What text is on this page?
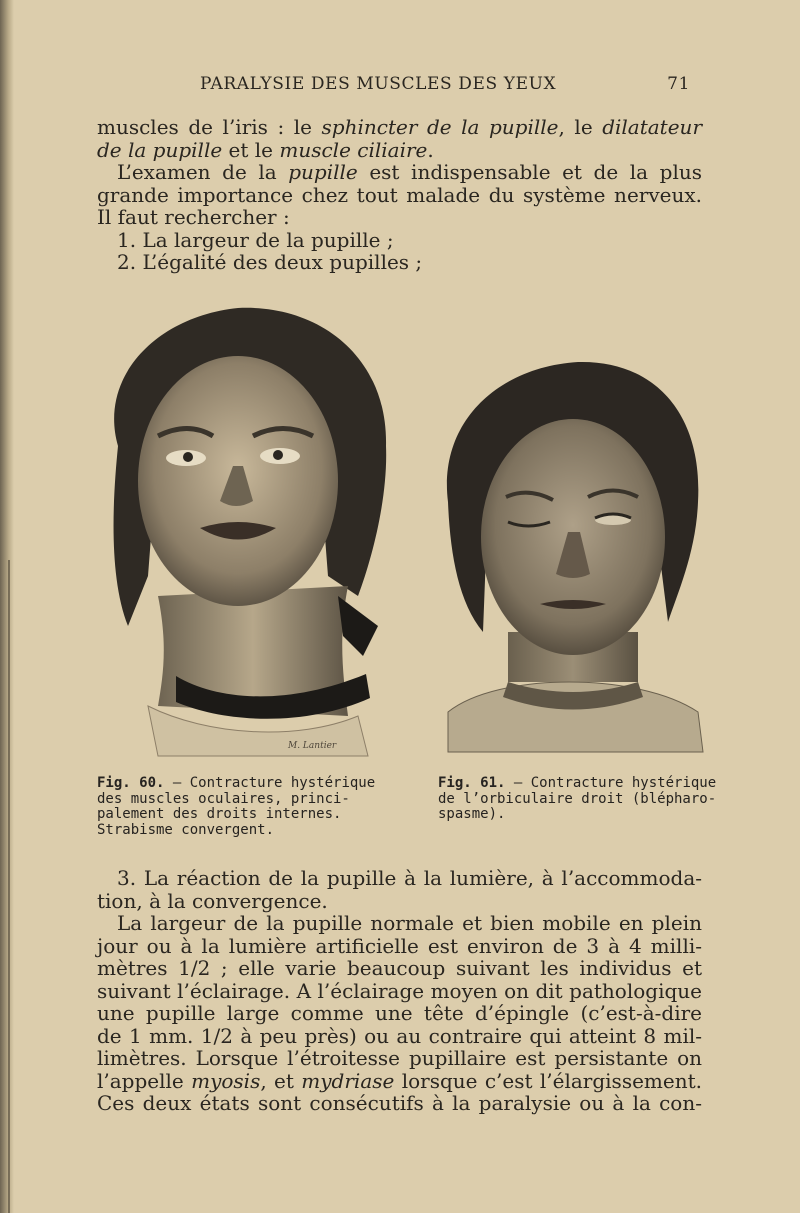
PARALYSIE DES MUSCLES DES YEUX	71
muscles de l’iris : le sphincter de la pupille, le dilatateur
de la pupille et le muscle ciliaire.
L’examen de la pupille est indispensable et de la plus
grande importance chez tout malade du système nerveux.
Il faut rechercher :
1. La largeur de la pupille ;
2. L’égalité des deux pupilles ;
M. Lantier
Fig. 60. — Contracture hystérique
des muscles oculaires, princi-
palement des droits internes.
Strabisme convergent.
Fig. 61. — Contracture hystérique
de l’orbiculaire droit (blépharo-
spasme).
3. La réaction de la pupille à la lumière, à l’accommoda-
tion, à la convergence.
La largeur de la pupille normale et bien mobile en plein
jour ou à la lumière artificielle est environ de 3 à 4 milli-
mètres 1/2 ; elle varie beaucoup suivant les individus et
suivant l’éclairage. A l’éclairage moyen on dit pathologique
une pupille large comme une tête d’épingle (c’est-à-dire
de 1 mm. 1/2 à peu près) ou au contraire qui atteint 8 mil-
limètres. Lorsque l’étroitesse pupillaire est persistante on
l’appelle myosis, et mydriase lorsque c’est l’élargissement.
Ces deux états sont consécutifs à la paralysie ou à la con-
